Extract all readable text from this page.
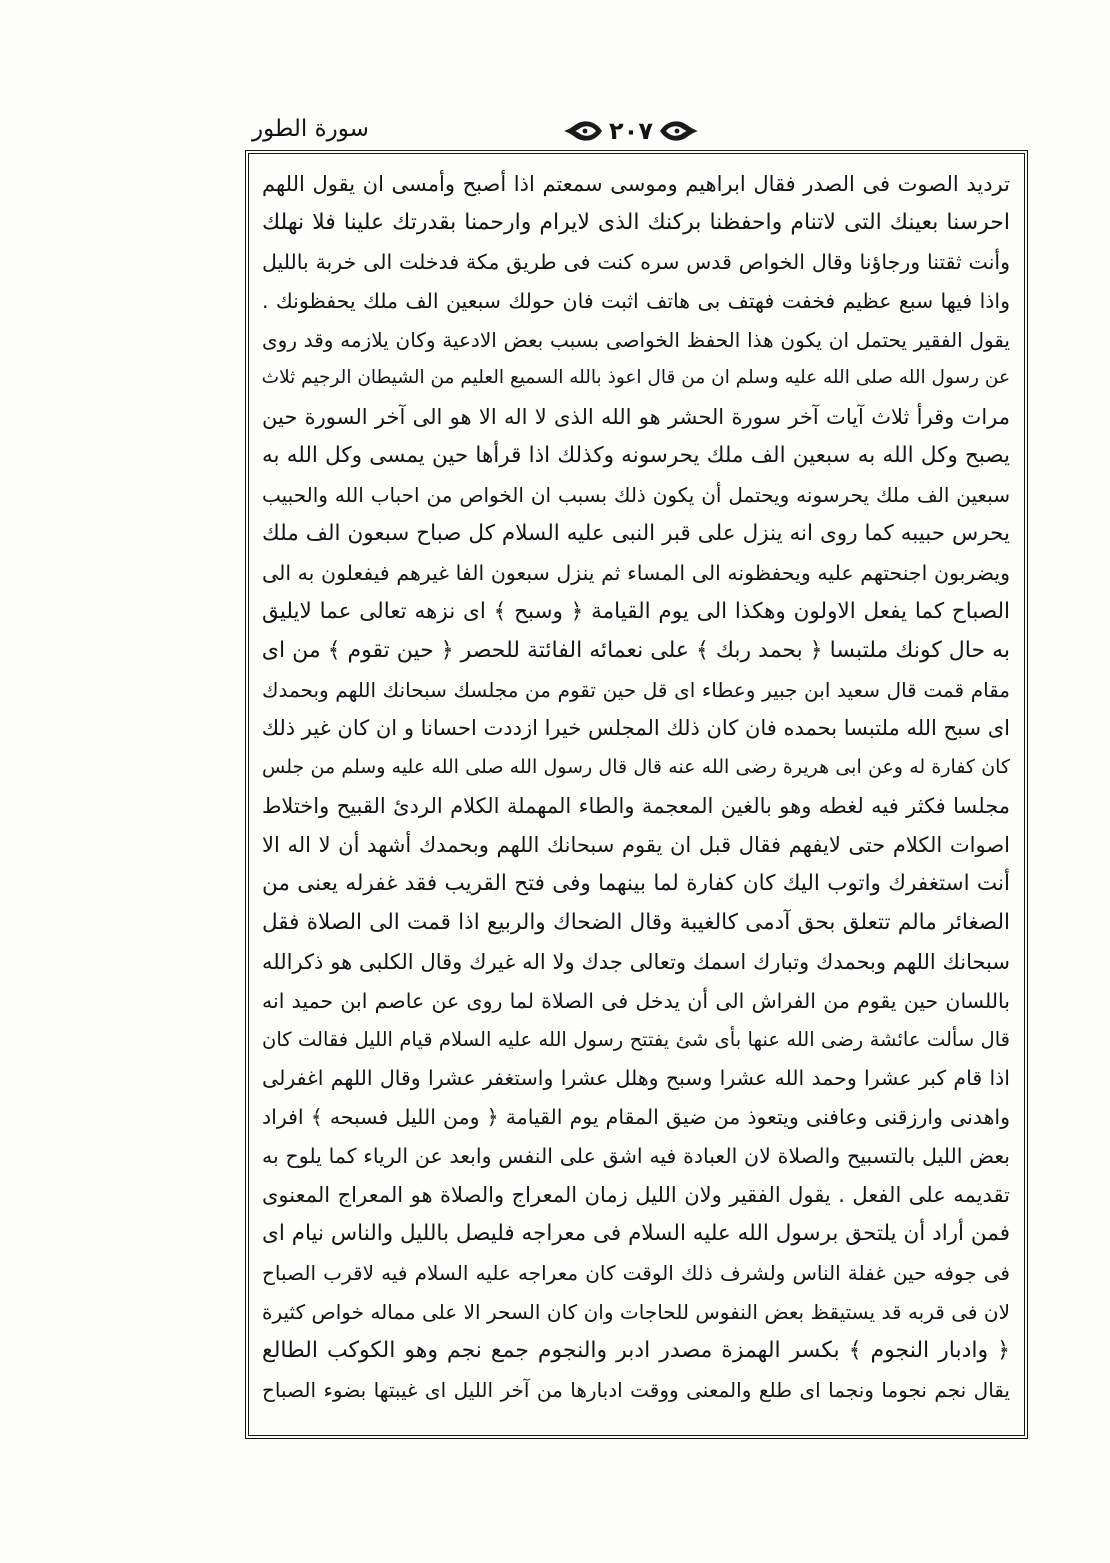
سورة الطور	٢٠٧
ترديد الصوت فى الصدر فقال ابراهيم وموسى سمعتم اذا أصبح وأمسى ان يقول اللهم
احرسنا بعينك التى لاتنام واحفظنا بركنك الذى لايرام وارحمنا بقدرتك علينا فلا نهلك
وأنت ثقتنا ورجاؤنا وقال الخواص قدس سره كنت فى طريق مكة فدخلت الى خربة بالليل
واذا فيها سبع عظيم فخفت فهتف بى هاتف اثبت فان حولك سبعين الف ملك يحفظونك .
يقول الفقير يحتمل ان يكون هذا الحفظ الخواصى بسبب بعض الادعية وكان يلازمه وقد روى
عن رسول الله صلى الله عليه وسلم ان من قال اعوذ بالله السميع العليم من الشيطان الرجيم ثلاث
مرات وقرأ ثلاث آيات آخر سورة الحشر هو الله الذى لا اله الا هو الى آخر السورة حين
يصبح وكل الله به سبعين الف ملك يحرسونه وكذلك اذا قرأها حين يمسى وكل الله به
سبعين الف ملك يحرسونه ويحتمل أن يكون ذلك بسبب ان الخواص من احباب الله والحبيب
يحرس حبيبه كما روى انه ينزل على قبر النبى عليه السلام كل صباح سبعون الف ملك
ويضربون اجنحتهم عليه ويحفظونه الى المساء ثم ينزل سبعون الفا غيرهم فيفعلون به الى
الصباح كما يفعل الاولون وهكذا الى يوم القيامة ﴿ وسبح ﴾ اى نزهه تعالى عما لايليق
به حال كونك ملتبسا ﴿ بحمد ربك ﴾ على نعمائه الفائتة للحصر ﴿ حين تقوم ﴾ من اى
مقام قمت قال سعيد ابن جبير وعطاء اى قل حين تقوم من مجلسك سبحانك اللهم وبحمدك
اى سبح الله ملتبسا بحمده فان كان ذلك المجلس خيرا ازددت احسانا و ان كان غير ذلك
كان كفارة له وعن ابى هريرة رضى الله عنه قال قال رسول الله صلى الله عليه وسلم من جلس
مجلسا فكثر فيه لغطه وهو بالغين المعجمة والطاء المهملة الكلام الردئ القبيح واختلاط
اصوات الكلام حتى لايفهم فقال قبل ان يقوم سبحانك اللهم وبحمدك أشهد أن لا اله الا
أنت استغفرك واتوب اليك كان كفارة لما بينهما وفى فتح القريب فقد غفرله يعنى من
الصغائر مالم تتعلق بحق آدمى كالغيبة وقال الضحاك والربيع اذا قمت الى الصلاة فقل
سبحانك اللهم وبحمدك وتبارك اسمك وتعالى جدك ولا اله غيرك وقال الكلبى هو ذكرالله
باللسان حين يقوم من الفراش الى أن يدخل فى الصلاة لما روى عن عاصم ابن حميد انه
قال سألت عائشة رضى الله عنها بأى شئ يفتتح رسول الله عليه السلام قيام الليل فقالت كان
اذا قام كبر عشرا وحمد الله عشرا وسبح وهلل عشرا واستغفر عشرا وقال اللهم اغفرلى
واهدنى وارزقنى وعافنى ويتعوذ من ضيق المقام يوم القيامة ﴿ ومن الليل فسبحه ﴾ افراد
بعض الليل بالتسبيح والصلاة لان العبادة فيه اشق على النفس وابعد عن الرياء كما يلوح به
تقديمه على الفعل . يقول الفقير ولان الليل زمان المعراج والصلاة هو المعراج المعنوى
فمن أراد أن يلتحق برسول الله عليه السلام فى معراجه فليصل بالليل والناس نيام اى
فى جوفه حين غفلة الناس ولشرف ذلك الوقت كان معراجه عليه السلام فيه لاقرب الصباح
لان فى قربه قد يستيقظ بعض النفوس للحاجات وان كان السحر الا على مماله خواص كثيرة
﴿ وادبار النجوم ﴾ بكسر الهمزة مصدر ادبر والنجوم جمع نجم وهو الكوكب الطالع
يقال نجم نجوما ونجما اى طلع والمعنى ووقت ادبارها من آخر الليل اى غيبتها بضوء الصباح
